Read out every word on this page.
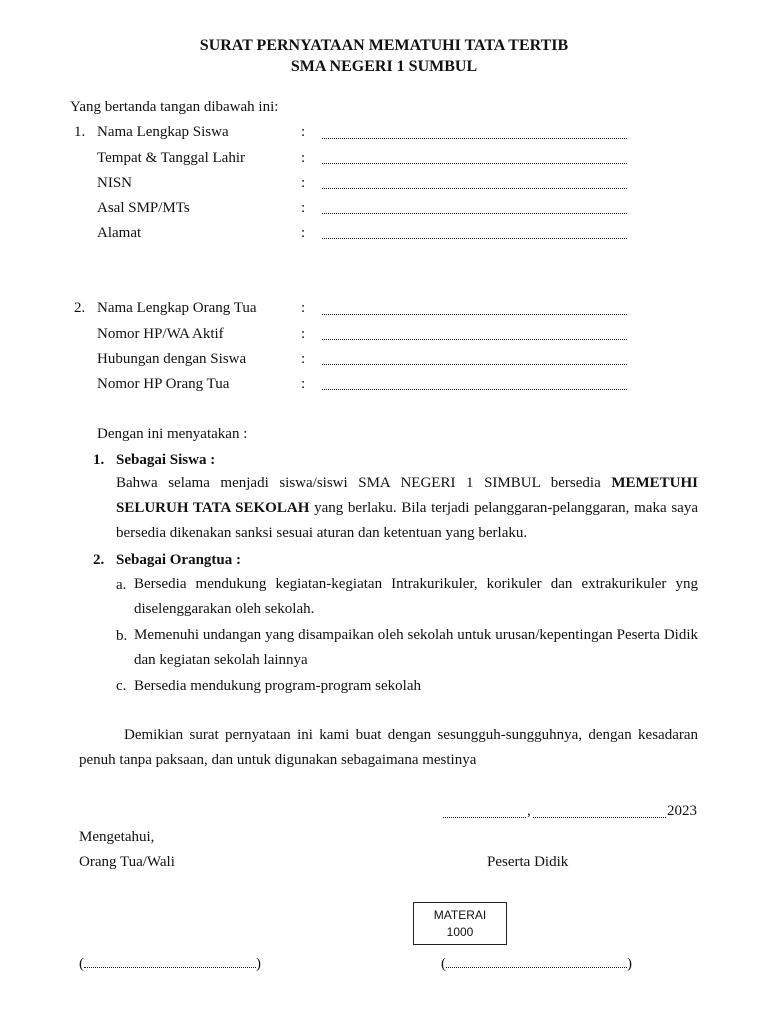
SURAT PERNYATAAN MEMATUHI TATA TERTIB
SMA NEGERI 1 SUMBUL
Yang bertanda tangan dibawah ini:
1. Nama Lengkap Siswa	:
Tempat & Tanggal Lahir	:
NISN	:
Asal SMP/MTs	:
Alamat	:
2. Nama Lengkap Orang Tua	:
Nomor HP/WA Aktif	:
Hubungan dengan Siswa	:
Nomor HP Orang Tua	:
Dengan ini menyatakan :
1. Sebagai Siswa :
Bahwa selama menjadi siswa/siswi SMA NEGERI 1 SIMBUL bersedia MEMETUHI SELURUH TATA SEKOLAH yang berlaku. Bila terjadi pelanggaran-pelanggaran, maka saya bersedia dikenakan sanksi sesuai aturan dan ketentuan yang berlaku.
2. Sebagai Orangtua :
a. Bersedia mendukung kegiatan-kegiatan Intrakurikuler, korikuler dan extrakurikuler yng diselenggarakan oleh sekolah.
b. Memenuhi undangan yang disampaikan oleh sekolah untuk urusan/kepentingan Peserta Didik dan kegiatan sekolah lainnya
c. Bersedia mendukung program-program sekolah
Demikian surat pernyataan ini kami buat dengan sesungguh-sungguhnya, dengan kesadaran penuh tanpa paksaan, dan untuk digunakan sebagaimana mestinya
,	2023
Mengetahui,
Orang Tua/Wali	Peserta Didik
MATERAI
1000
(	)	(	)
